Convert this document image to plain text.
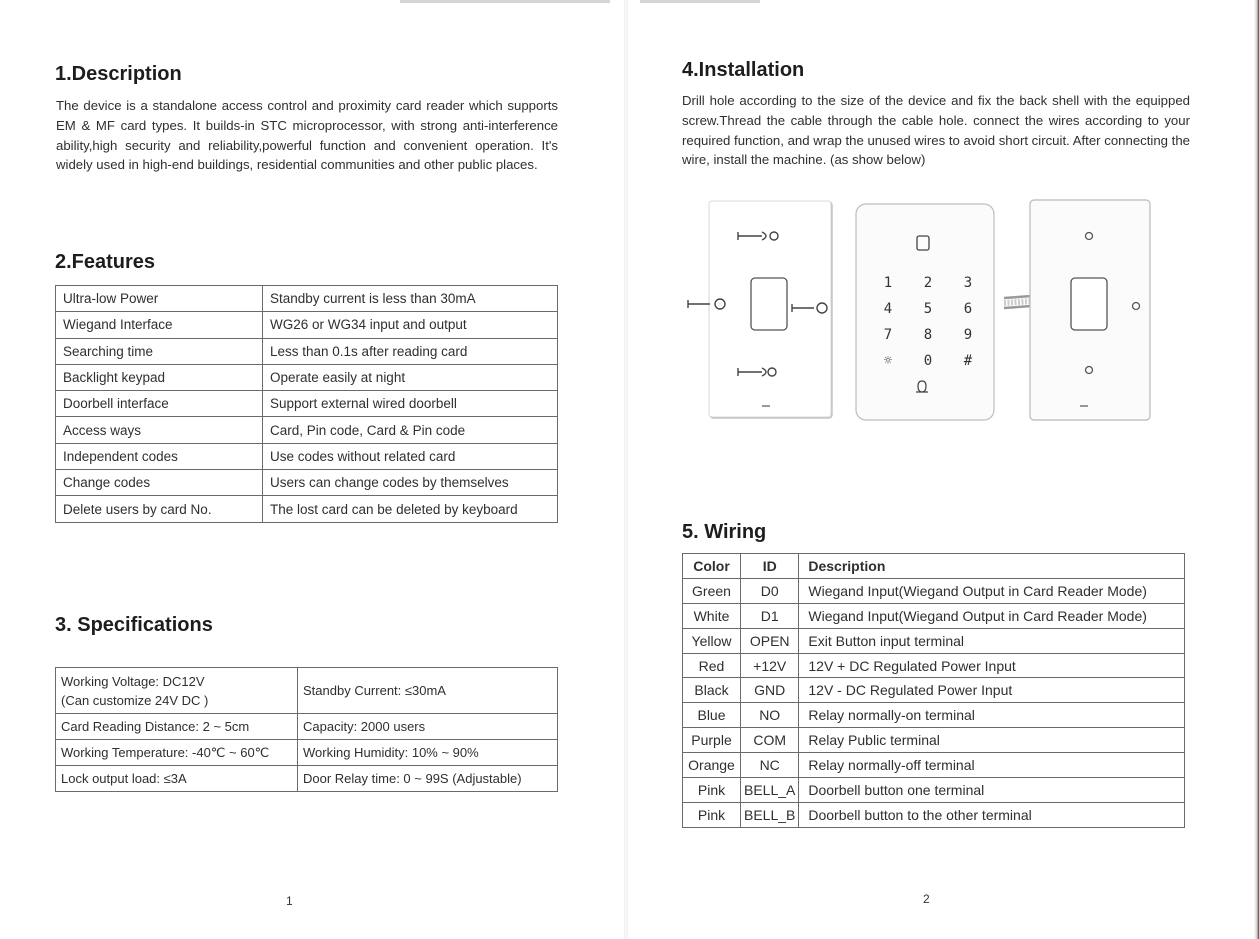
1.Description
The device is a standalone access control and proximity card reader which supports EM & MF card types. It builds-in STC microprocessor, with strong anti-interference ability,high security and reliability,powerful function and convenient operation. It's widely used in high-end buildings, residential communities and other public places.
2.Features
Ultra-low Power	Standby current is less than 30mA
Wiegand Interface	WG26 or WG34 input and output
Searching time	Less than 0.1s after reading card
Backlight keypad	Operate easily at night
Doorbell interface	Support external wired doorbell
Access ways	Card, Pin code, Card & Pin code
Independent codes	Use codes without related card
Change codes	Users can change codes by themselves
Delete users by card No.	The lost card can be deleted by keyboard
3. Specifications
Working Voltage: DC12V
(Can customize 24V DC )	Standby Current: ≤30mA
Card Reading Distance: 2 ~ 5cm	Capacity: 2000 users
Working Temperature: -40℃ ~ 60℃	Working Humidity: 10% ~ 90%
Lock output load: ≤3A	Door Relay time: 0 ~ 99S (Adjustable)
1
4.Installation
Drill hole according to the size of the device and fix the back shell with the equipped screw.Thread the cable through the cable hole. connect the wires according to your required function, and wrap the unused wires to avoid short circuit. After connecting the wire, install the machine. (as show below)
1 2 3
4 5 6
7 8 9
☼ 0 #
5. Wiring
Color	ID	Description
Green	D0	Wiegand Input(Wiegand Output in Card Reader Mode)
White	D1	Wiegand Input(Wiegand Output in Card Reader Mode)
Yellow	OPEN	Exit Button input terminal
Red	+12V	12V + DC Regulated Power Input
Black	GND	12V - DC Regulated Power Input
Blue	NO	Relay normally-on terminal
Purple	COM	Relay Public terminal
Orange	NC	Relay normally-off terminal
Pink	BELL_A	Doorbell button one terminal
Pink	BELL_B	Doorbell button to the other terminal
2
